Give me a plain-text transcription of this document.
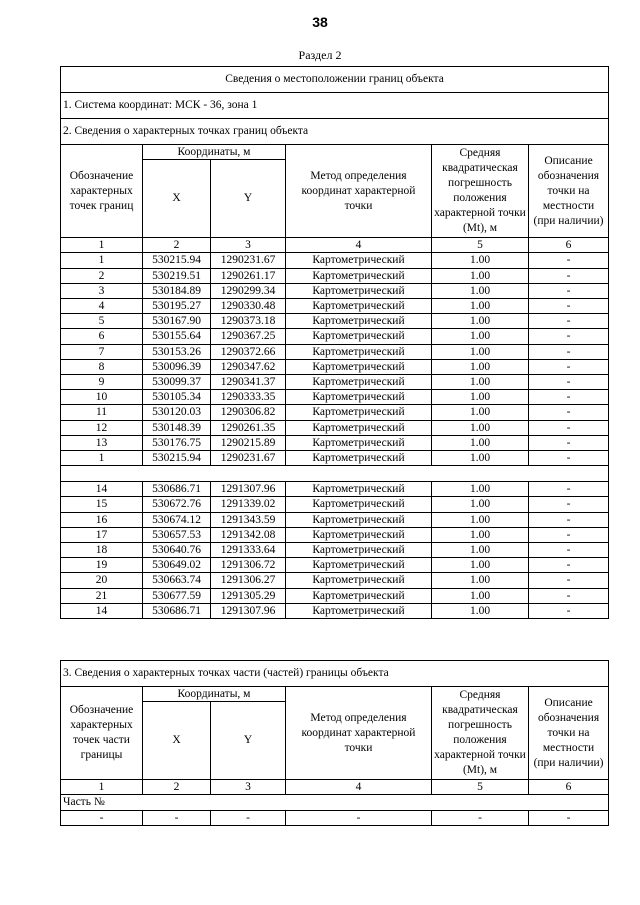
38
Раздел 2
Сведения о местоположении границ объекта					
1. Система координат: МСК - 36, зона 1					
2. Сведения о характерных точках границ объекта					
Обозначение характерных точек границ	Координаты, м		Метод определения координат характерной точки	Средняя квадратическая погрешность положения характерной точки (Mt), м	Описание обозначения точки на местности (при наличии)
	X	Y			
1	2	3	4	5	6
1	530215.94	1290231.67	Картометрический	1.00	-
2	530219.51	1290261.17	Картометрический	1.00	-
3	530184.89	1290299.34	Картометрический	1.00	-
4	530195.27	1290330.48	Картометрический	1.00	-
5	530167.90	1290373.18	Картометрический	1.00	-
6	530155.64	1290367.25	Картометрический	1.00	-
7	530153.26	1290372.66	Картометрический	1.00	-
8	530096.39	1290347.62	Картометрический	1.00	-
9	530099.37	1290341.37	Картометрический	1.00	-
10	530105.34	1290333.35	Картометрический	1.00	-
11	530120.03	1290306.82	Картометрический	1.00	-
12	530148.39	1290261.35	Картометрический	1.00	-
13	530176.75	1290215.89	Картометрический	1.00	-
1	530215.94	1290231.67	Картометрический	1.00	-

14	530686.71	1291307.96	Картометрический	1.00	-
15	530672.76	1291339.02	Картометрический	1.00	-
16	530674.12	1291343.59	Картометрический	1.00	-
17	530657.53	1291342.08	Картометрический	1.00	-
18	530640.76	1291333.64	Картометрический	1.00	-
19	530649.02	1291306.72	Картометрический	1.00	-
20	530663.74	1291306.27	Картометрический	1.00	-
21	530677.59	1291305.29	Картометрический	1.00	-
14	530686.71	1291307.96	Картометрический	1.00	-
3. Сведения о характерных точках части (частей) границы объекта					
Обозначение характерных точек части границы	Координаты, м		Метод определения координат характерной точки	Средняя квадратическая погрешность положения характерной точки (Mt), м	Описание обозначения точки на местности (при наличии)
	X	Y			
1	2	3	4	5	6
Часть №					
-	-	-	-	-	-
